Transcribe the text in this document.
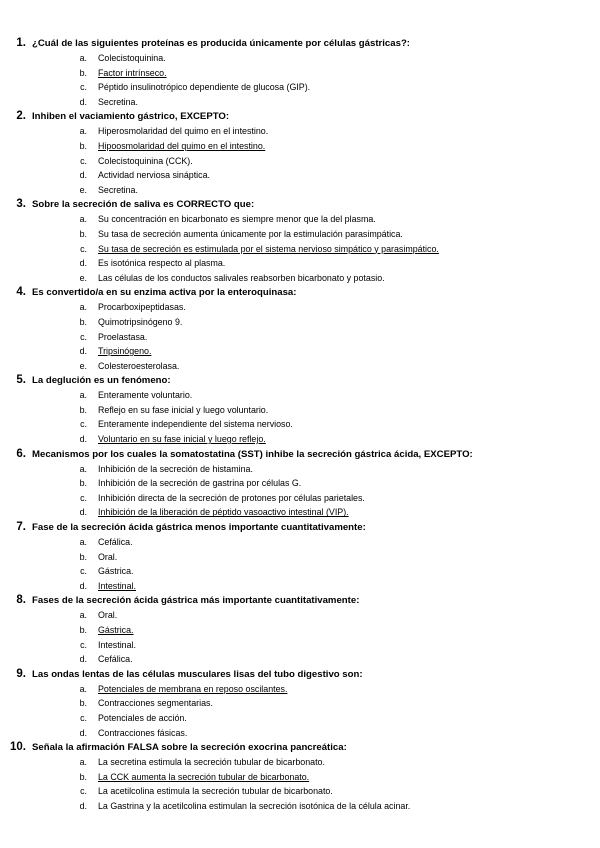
1. ¿Cuál de las siguientes proteínas es producida únicamente por células gástricas?:
a.	Colecistoquinina.
b.	Factor intrínseco.
c.	Péptido insulinotrópico dependiente de glucosa (GIP).
d.	Secretina.
2. Inhiben el vaciamiento gástrico, EXCEPTO:
a.	Hiperosmolaridad del quimo en el intestino.
b.	Hipoosmolaridad del quimo en el intestino.
c.	Colecistoquinina (CCK).
d.	Actividad nerviosa sináptica.
e.	Secretina.
3. Sobre la secreción de saliva es CORRECTO que:
a.	Su concentración en bicarbonato es siempre menor que la del plasma.
b.	Su tasa de secreción aumenta únicamente por la estimulación parasimpática.
c.	Su tasa de secreción es estimulada por el sistema nervioso simpático y parasimpático.
d.	Es isotónica respecto al plasma.
e.	Las células de los conductos salivales reabsorben bicarbonato y potasio.
4. Es convertido/a en su enzima activa por la enteroquinasa:
a.	Procarboxipeptidasas.
b.	Quimotripsinógeno 9.
c.	Proelastasa.
d.	Tripsinógeno.
e.	Colesteroesterolasa.
5. La deglución es un fenómeno:
a.	Enteramente voluntario.
b.	Reflejo en su fase inicial y luego voluntario.
c.	Enteramente independiente del sistema nervioso.
d.	Voluntario en su fase inicial y luego reflejo.
6. Mecanismos por los cuales la somatostatina (SST) inhibe la secreción gástrica ácida, EXCEPTO:
a.	Inhibición de la secreción de histamina.
b.	Inhibición de la secreción de gastrina por células G.
c.	Inhibición directa de la secreción de protones por células parietales.
d.	Inhibición de la liberación de péptido vasoactivo intestinal (VIP).
7. Fase de la secreción ácida gástrica menos importante cuantitativamente:
a.	Cefálica.
b.	Oral.
c.	Gástrica.
d.	Intestinal.
8. Fases de la secreción ácida gástrica más importante cuantitativamente:
a.	Oral.
b.	Gástrica.
c.	Intestinal.
d.	Cefálica.
9. Las ondas lentas de las células musculares lisas del tubo digestivo son:
a.	Potenciales de membrana en reposo oscilantes.
b.	Contracciones segmentarias.
c.	Potenciales de acción.
d.	Contracciones fásicas.
10. Señala la afirmación FALSA sobre la secreción exocrina pancreática:
a.	La secretina estimula la secreción tubular de bicarbonato.
b.	La CCK aumenta la secreción tubular de bicarbonato.
c.	La acetilcolina estimula la secreción tubular de bicarbonato.
d.	La Gastrina y la acetilcolina estimulan la secreción isotónica de la célula acinar.
